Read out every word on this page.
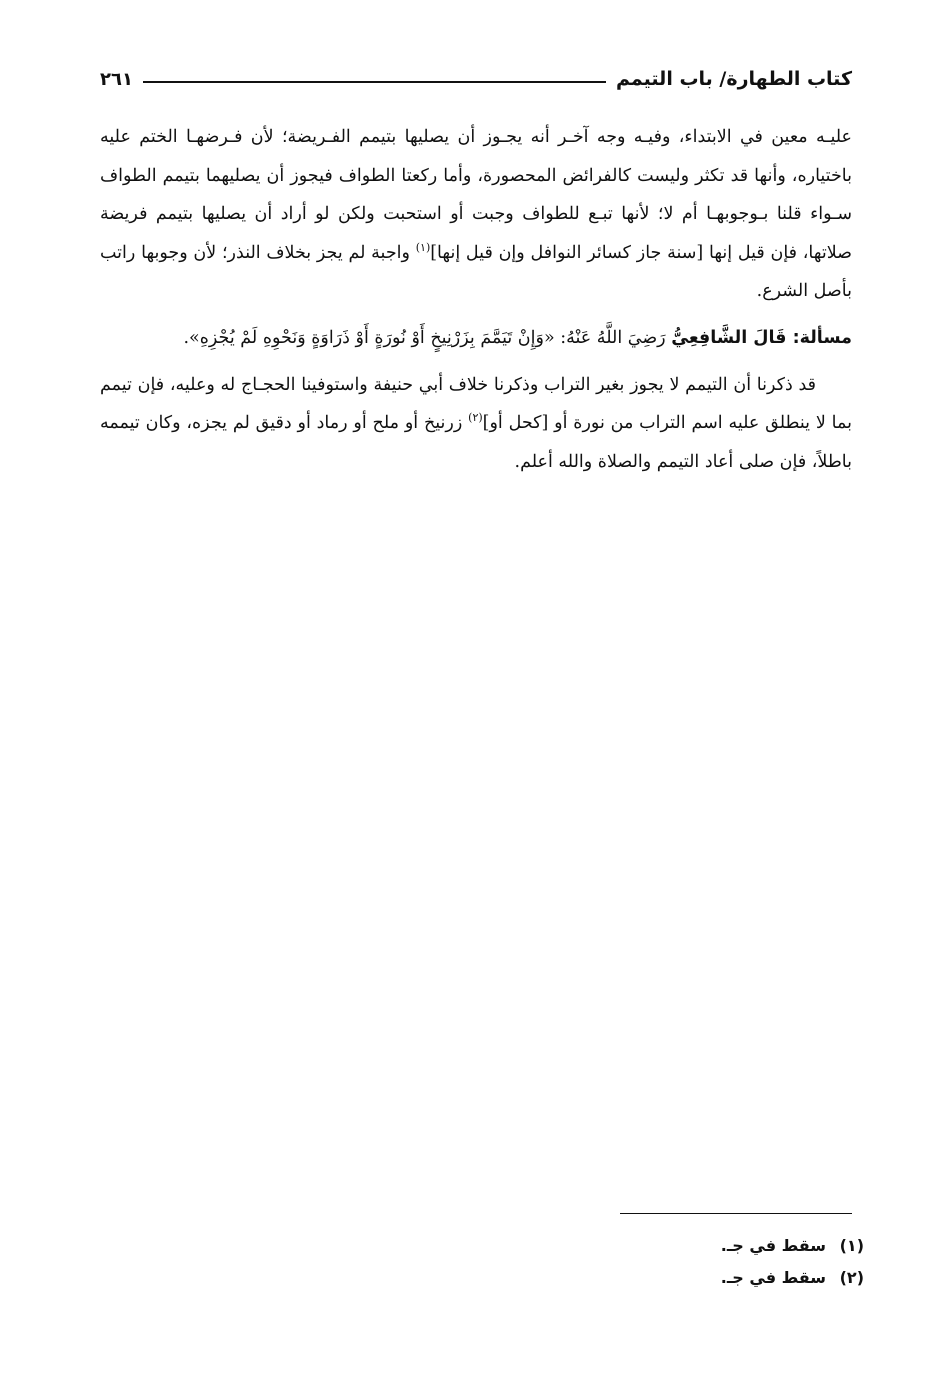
كتاب الطهارة/ باب التيمم
٢٦١

عليـه معين في الابتداء، وفيـه وجه آخـر أنه يجـوز أن يصليها بتيمم الفـريضة؛ لأن فـرضهـا الختم عليه باختياره، وأنها قد تكثر وليست كالفرائض المحصورة، وأما ركعتا الطواف فيجوز أن يصليهما بتيمم الطواف سـواء قلنا بـوجوبهـا أم لا؛ لأنها تبـع للطواف وجبت أو استحبت ولكن لو أراد أن يصليها بتيمم فريضة صلاتها، فإن قيل إنها [سنة جاز كسائر النوافل وإن قيل إنها]$^{(١)}$ واجبة لم يجز بخلاف النذر؛ لأن وجوبها راتب بأصل الشرع.

مسألة: قَالَ الشَّافِعِيُّ رَضِيَ اللَّهُ عَنْهُ: «وَإِنْ تَيَمَّمَ بِزَرْنِيخٍ أَوْ نُورَةٍ أَوْ ذَرَاوَةٍ وَنَحْوِهِ لَمْ يُجْزِهِ».

قد ذكرنا أن التيمم لا يجوز بغير التراب وذكرنا خلاف أبي حنيفة واستوفينا الحجـاج له وعليه، فإن تيمم بما لا ينطلق عليه اسم التراب من نورة أو [كحل أو]$^{(٢)}$ زرنيخ أو ملح أو رماد أو دقيق لم يجزه، وكان تيممه باطلاً، فإن صلى أعاد التيمم والصلاة والله أعلم.

(١)
سقط في جـ.
(٢)
سقط في جـ.
